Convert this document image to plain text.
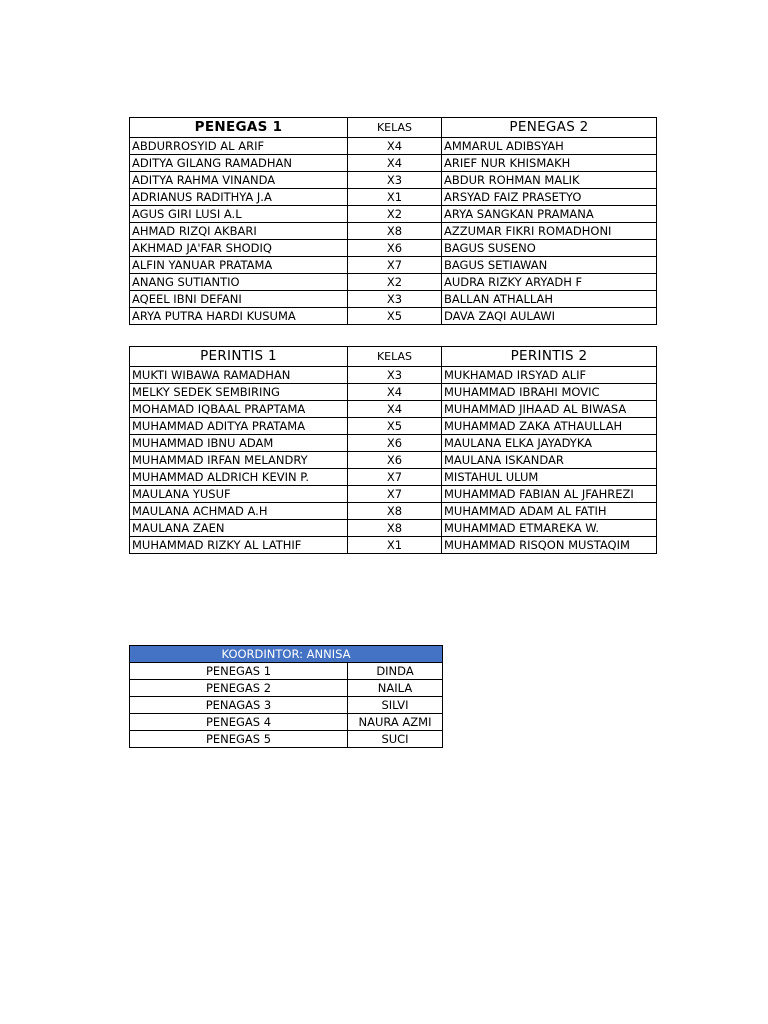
PENEGAS 1	KELAS	PENEGAS 2
ABDURROSYID AL ARIF	X4	AMMARUL ADIBSYAH
ADITYA GILANG RAMADHAN	X4	ARIEF NUR KHISMAKH
ADITYA RAHMA VINANDA	X3	ABDUR ROHMAN MALIK
ADRIANUS RADITHYA J.A	X1	ARSYAD FAIZ PRASETYO
AGUS GIRI LUSI A.L	X2	ARYA SANGKAN PRAMANA
AHMAD RIZQI AKBARI	X8	AZZUMAR FIKRI ROMADHONI
AKHMAD JA'FAR SHODIQ	X6	BAGUS SUSENO
ALFIN YANUAR PRATAMA	X7	BAGUS SETIAWAN
ANANG SUTIANTIO	X2	AUDRA RIZKY ARYADH F
AQEEL IBNI DEFANI	X3	BALLAN ATHALLAH
ARYA PUTRA HARDI KUSUMA	X5	DAVA ZAQI AULAWI
PERINTIS 1	KELAS	PERINTIS 2
MUKTI WIBAWA RAMADHAN	X3	MUKHAMAD IRSYAD ALIF
MELKY SEDEK SEMBIRING	X4	MUHAMMAD IBRAHI MOVIC
MOHAMAD IQBAAL PRAPTAMA	X4	MUHAMMAD JIHAAD AL BIWASA
MUHAMMAD ADITYA PRATAMA	X5	MUHAMMAD ZAKA ATHAULLAH
MUHAMMAD IBNU ADAM	X6	MAULANA ELKA JAYADYKA
MUHAMMAD IRFAN MELANDRY	X6	MAULANA ISKANDAR
MUHAMMAD ALDRICH KEVIN P.	X7	MISTAHUL ULUM
MAULANA YUSUF	X7	MUHAMMAD FABIAN AL JFAHREZI
MAULANA ACHMAD A.H	X8	MUHAMMAD ADAM AL FATIH
MAULANA ZAEN	X8	MUHAMMAD ETMAREKA W.
MUHAMMAD RIZKY AL LATHIF	X1	MUHAMMAD RISQON MUSTAQIM
KOORDINTOR: ANNISA	
PENEGAS 1	DINDA
PENEGAS 2	NAILA
PENAGAS 3	SILVI
PENEGAS 4	NAURA AZMI
PENEGAS 5	SUCI
